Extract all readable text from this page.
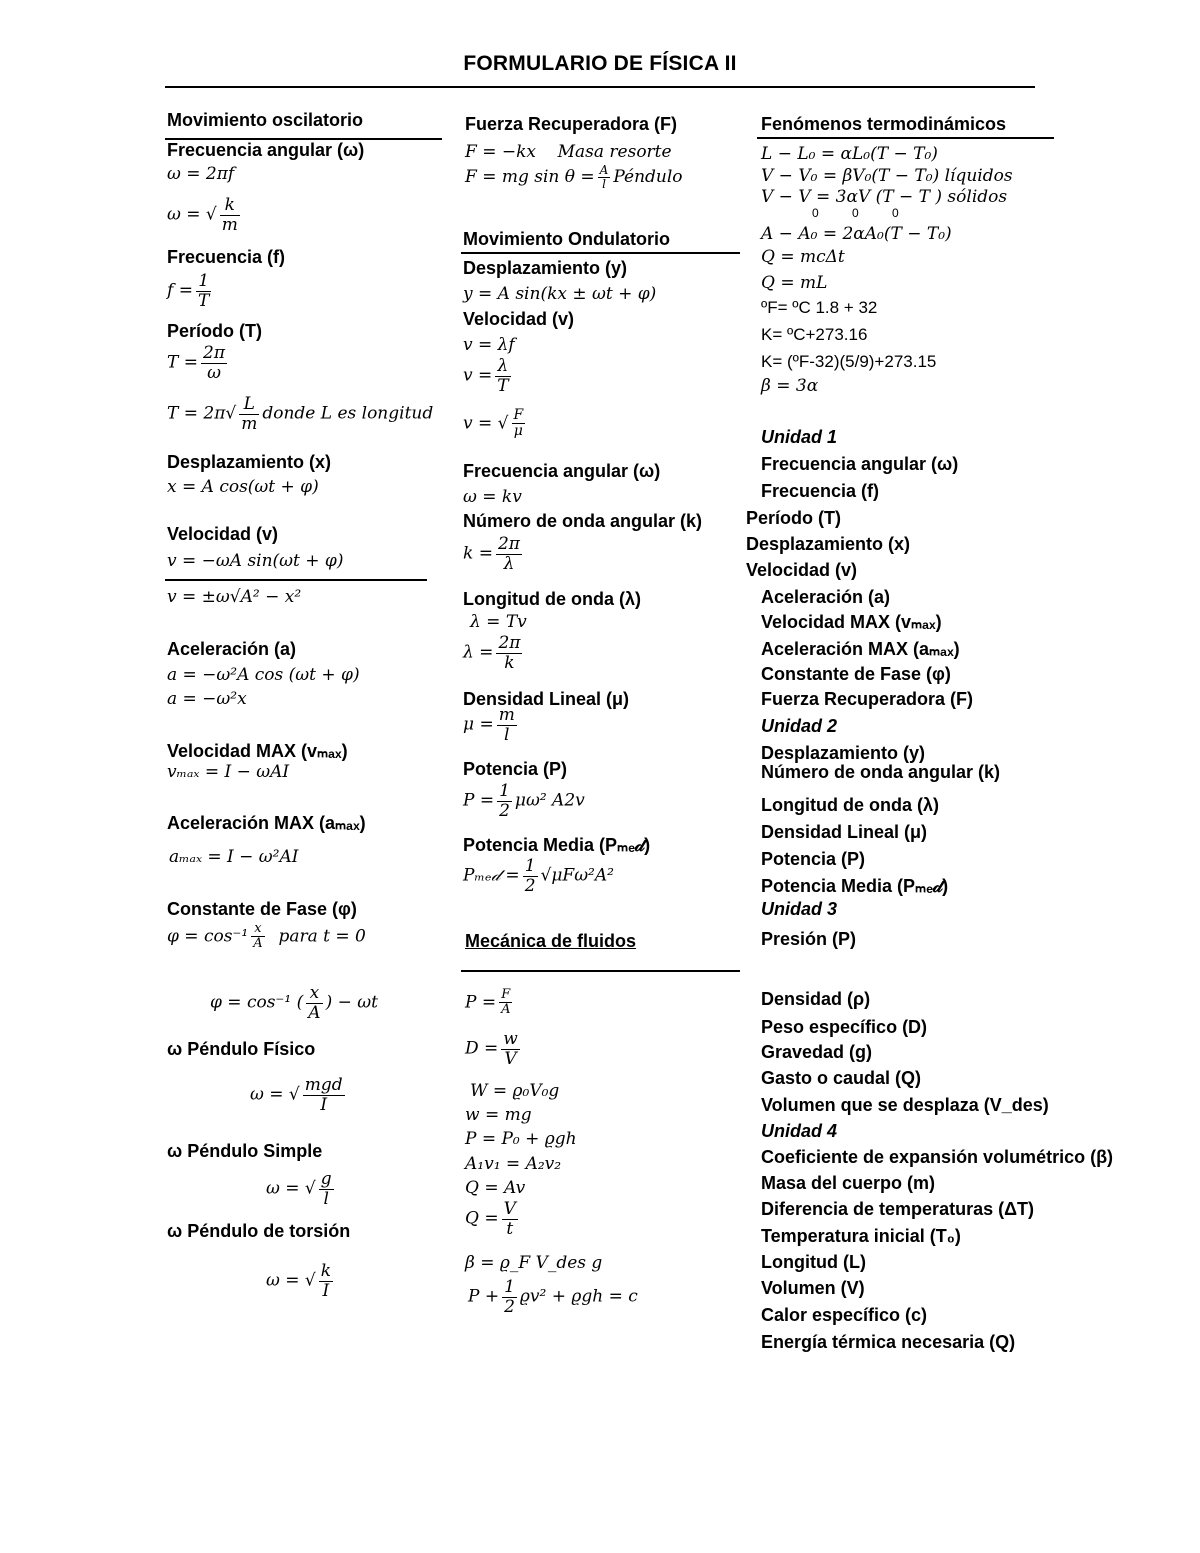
FORMULARIO DE FÍSICA II
Movimiento oscilatorio
Frecuencia angular (ω)
ω = 2πf
ω = √ $\frac{k}{m}$
Frecuencia (f)
$f = \frac{1}{T}$
Período (T)
$T = \frac{2\pi}{\omega}$
$T = 2\pi√ \frac{L}{m}$ donde L es longitud
Desplazamiento (x)
x = A cos(ωt + φ)
Velocidad (v)
v = −ωA sin(ωt + φ)
v = ±ω√A² − x²
Aceleración (a)
a = −ω²A cos (ωt + φ)
a = −ω²x
Velocidad MAX (vₘₐₓ)
vₘₐₓ = I − ωAI
Aceleración MAX (aₘₐₓ)
aₘₐₓ = I − ω²AI
Constante de Fase (φ)
$\varphi = \cos^{-1} \frac{x}{A}$ para t = 0
φ = cos⁻¹ ( $\frac{x}{A}$ ) − ωt
ω Péndulo Físico
ω = √ $\frac{\text{mgd}}{I}$
ω Péndulo Simple
ω = √ $\frac{g}{l}$
ω Péndulo de torsión
ω = √ $\frac{k}{I}$
Fuerza Recuperadora (F)
F = −kx Masa resorte
F = mg $\sin \theta = \frac{A}{l}$ Péndulo
Movimiento Ondulatorio
Desplazamiento (y)
y = A sin(kx ± ωt + φ)
Velocidad (v)
v = λf
$v = \frac{\lambda}{T}$
v = √ $\frac{F}{\mu}$
Frecuencia angular (ω)
ω = kv
Número de onda angular (k)
$k = \frac{2\pi}{\lambda}$
Longitud de onda (λ)
λ = Tv
$\lambda = \frac{2\pi}{k}$
Densidad Lineal (μ)
$\mu = \frac{m}{l}$
Potencia (P)
$P = \frac{1}{2} \mu\omega^2$ A2v
Potencia Media (Pₘₑ𝒹)
Pₘₑ𝒹 = $\frac{1}{2} √\mu F\omega^2A^2$
Mecánica de fluidos
$P = \frac{F}{A}$
$D = \frac{w}{V}$
W = ϱ₀V₀g
w = mg
P = P₀ + ϱgh
A₁v₁ = A₂v₂
Q = Av
$Q = \frac{V}{t}$
β = ϱ_F V_des g
$P + \frac{1}{2} ϱv^2 + ϱgh = c$
Fenómenos termodinámicos
L − L₀ = αL₀(T − T₀)
V − V₀ = βV₀(T − T₀) líquidos
V − V = 3αV (T − T ) sólidos
0          0          0
A − A₀ = 2αA₀(T − T₀)
Q = mcΔt
Q = mL
ºF= ºC 1.8 + 32
K= ºC+273.16
K= (ºF-32)(5/9)+273.15
β = 3α
Unidad 1
Frecuencia angular (ω)
Frecuencia (f)
Período (T)
Desplazamiento (x)
Velocidad (v)
Aceleración (a)
Velocidad MAX (vₘₐₓ)
Aceleración MAX (aₘₐₓ)
Constante de Fase (φ)
Fuerza Recuperadora (F)
Unidad 2
Desplazamiento (y)
Número de onda angular (k)
Longitud de onda (λ)
Densidad Lineal (μ)
Potencia (P)
Potencia Media (Pₘₑ𝒹)
Unidad 3
Presión (P)
Densidad (ρ)
Peso específico (D)
Gravedad (g)
Gasto o caudal (Q)
Volumen que se desplaza (V_des)
Unidad 4
Coeficiente de expansión volumétrico (β)
Masa del cuerpo (m)
Diferencia de temperaturas (ΔT)
Temperatura inicial (T₀)
Longitud (L)
Volumen (V)
Calor específico (c)
Energía térmica necesaria (Q)
